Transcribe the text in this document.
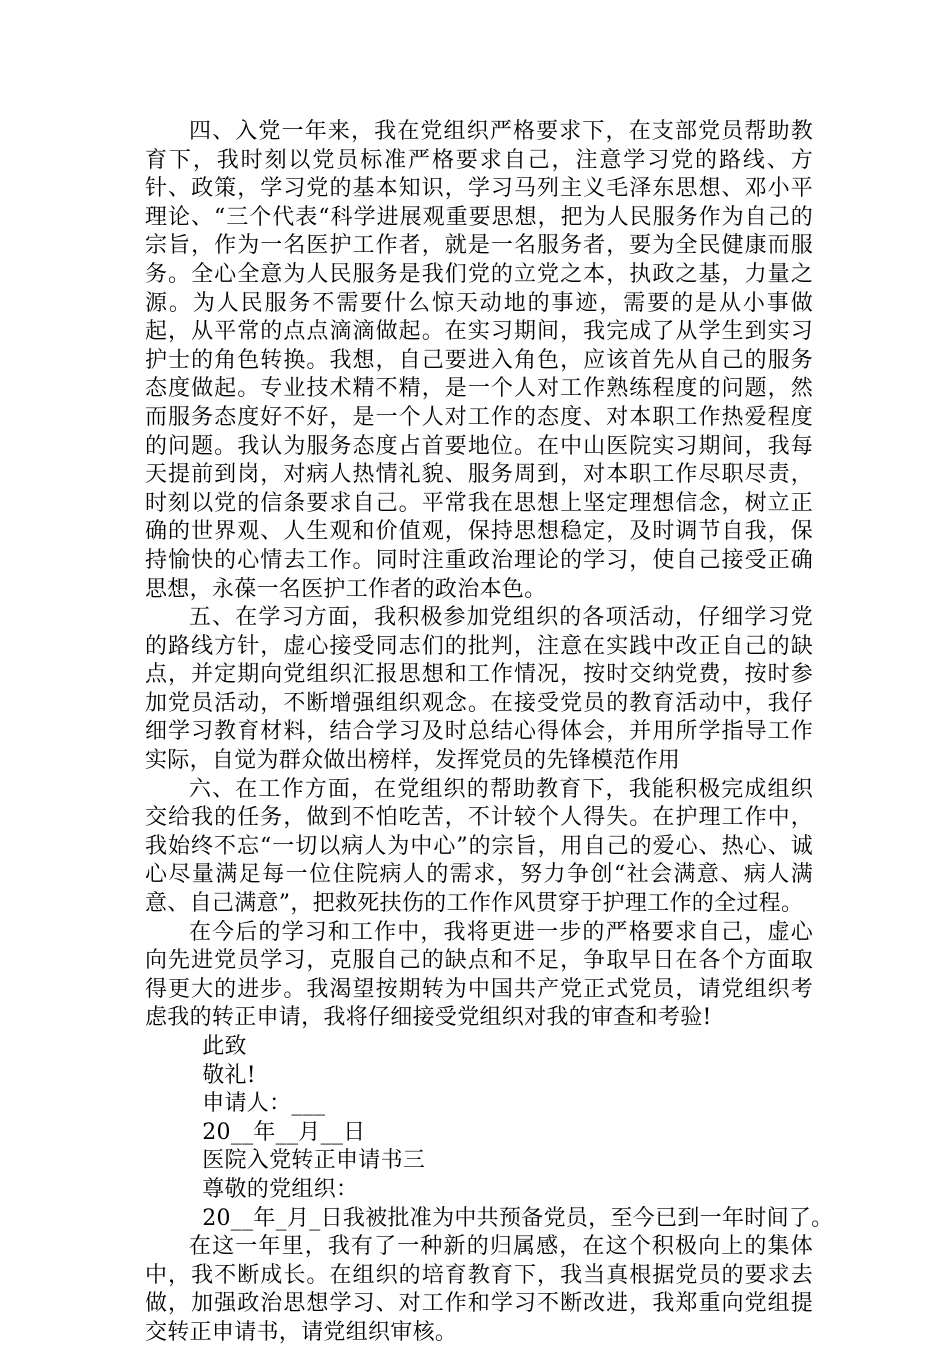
四、入党一年来，我在党组织严格要求下，在支部党员帮助教育下，我时刻以党员标准严格要求自己，注意学习党的路线、方针、政策，学习党的基本知识，学习马列主义毛泽东思想、邓小平理论、“三个代表“科学进展观重要思想，把为人民服务作为自己的宗旨，作为一名医护工作者，就是一名服务者，要为全民健康而服务。全心全意为人民服务是我们党的立党之本，执政之基，力量之源。为人民服务不需要什么惊天动地的事迹，需要的是从小事做起，从平常的点点滴滴做起。在实习期间，我完成了从学生到实习护士的角色转换。我想，自己要进入角色，应该首先从自己的服务态度做起。专业技术精不精，是一个人对工作熟练程度的问题，然而服务态度好不好，是一个人对工作的态度、对本职工作热爱程度的问题。我认为服务态度占首要地位。在中山医院实习期间，我每天提前到岗，对病人热情礼貌、服务周到，对本职工作尽职尽责，时刻以党的信条要求自己。平常我在思想上坚定理想信念，树立正确的世界观、人生观和价值观，保持思想稳定，及时调节自我，保持愉快的心情去工作。同时注重政治理论的学习，使自己接受正确思想，永葆一名医护工作者的政治本色。

五、在学习方面，我积极参加党组织的各项活动，仔细学习党的路线方针，虚心接受同志们的批判，注意在实践中改正自己的缺点，并定期向党组织汇报思想和工作情况，按时交纳党费，按时参加党员活动，不断增强组织观念。在接受党员的教育活动中，我仔细学习教育材料，结合学习及时总结心得体会，并用所学指导工作实际，自觉为群众做出榜样，发挥党员的先锋模范作用

六、在工作方面，在党组织的帮助教育下，我能积极完成组织交给我的任务，做到不怕吃苦，不计较个人得失。在护理工作中，我始终不忘“一切以病人为中心”的宗旨，用自己的爱心、热心、诚心尽量满足每一位住院病人的需求，努力争创“社会满意、病人满意、自己满意”，把救死扶伤的工作作风贯穿于护理工作的全过程。

在今后的学习和工作中，我将更进一步的严格要求自己，虚心向先进党员学习，克服自己的缺点和不足，争取早日在各个方面取得更大的进步。我渴望按期转为中国共产党正式党员，请党组织考虑我的转正申请，我将仔细接受党组织对我的审查和考验!

此致

敬礼!

申请人：___

20__年__月__日

医院入党转正申请书三

尊敬的党组织：

20__年_月_日我被批准为中共预备党员，至今已到一年时间了。

在这一年里，我有了一种新的归属感，在这个积极向上的集体中，我不断成长。在组织的培育教育下，我当真根据党员的要求去做，加强政治思想学习、对工作和学习不断改进，我郑重向党组提交转正申请书，请党组织审核。
